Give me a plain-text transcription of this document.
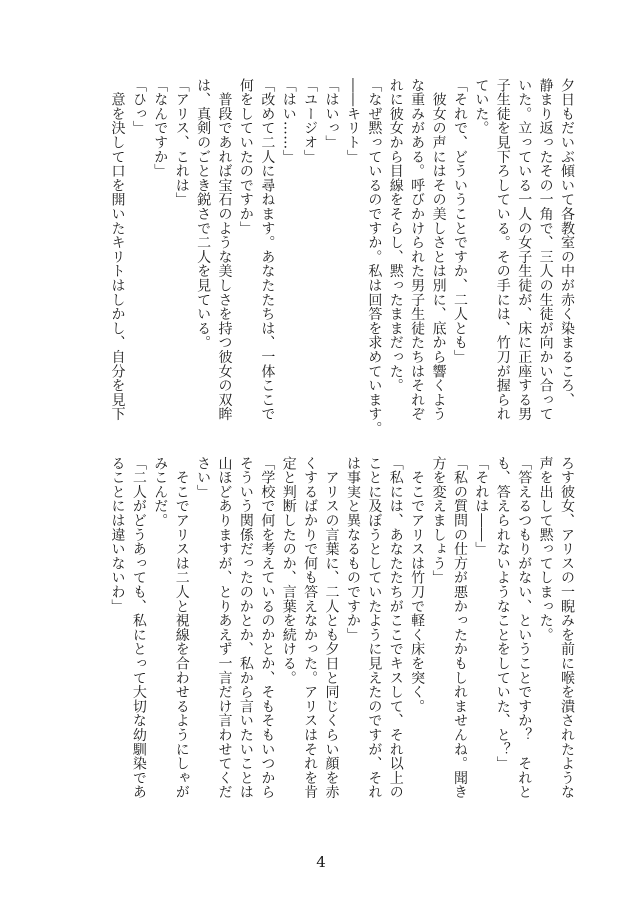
夕日もだいぶ傾いて各教室の中が赤く染まるころ、
静まり返ったその一角で、三人の生徒が向かい合って
いた。立っている一人の女子生徒が、床に正座する男
子生徒を見下ろしている。その手には、竹刀が握られ
ていた。
「それで、どういうことですか、二人とも」
　彼女の声にはその美しさとは別に、底から響くよう
な重みがある。呼びかけられた男子生徒たちはそれぞ
れに彼女から目線をそらし、黙ったままだった。
「なぜ黙っているのですか。私は回答を求めています。
――キリト」
「はいっ」
「ユージオ」
「はい……」
「改めて二人に尋ねます。あなたたちは、一体ここで
何をしていたのですか」
　普段であれば宝石のような美しさを持つ彼女の双眸
は、真剣のごとき鋭さで二人を見ている。
「アリス、これは」
「なんですか」
「ひっ」
　意を決して口を開いたキリトはしかし、自分を見下
ろす彼女、アリスの一睨みを前に喉を潰されたような
声を出して黙ってしまった。
「答えるつもりがない、ということですか？　それと
も、答えられないようなことをしていた、と？」
「それは――」
「私の質問の仕方が悪かったかもしれませんね。聞き
方を変えましょう」
　そこでアリスは竹刀で軽く床を突く。
「私には、あなたたちがここでキスして、それ以上の
ことに及ぼうとしていたように見えたのですが、それ
は事実と異なるものですか」
　アリスの言葉に、二人とも夕日と同じくらい顔を赤
くするばかりで何も答えなかった。アリスはそれを肯
定と判断したのか、言葉を続ける。
「学校で何を考えているのかとか、そもそもいつから
そういう関係だったのかとか、私から言いたいことは
山ほどありますが、とりあえず一言だけ言わせてくだ
さい」
　そこでアリスは二人と視線を合わせるようにしゃが
みこんだ。
「二人がどうあっても、私にとって大切な幼馴染であ
ることには違いないわ」
4
